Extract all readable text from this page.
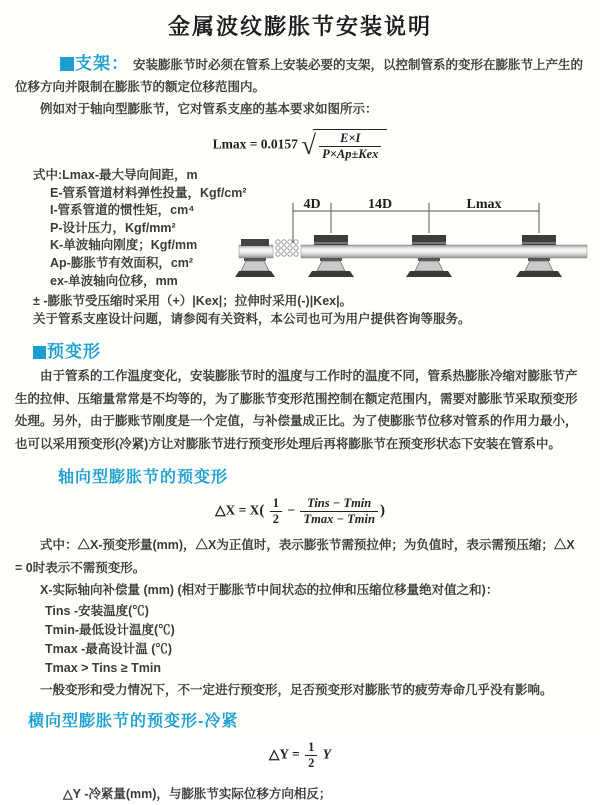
金属波纹膨胀节安装说明

支架： 安装膨胀节时必须在管系上安装必要的支架，以控制管系的变形在膨胀节上产生的位移方向并限制在膨胀节的额定位移范围内。

例如对于轴向型膨胀节，它对管系支座的基本要求如图所示：

Lmax = 0.0157 √ $\frac{E\times I}{\text{P×Ap±Kex}}$
式中:Lmax-最大导向间距，m
E-管系管道材料弹性投量，Kgf/cm²
I-管系管道的惯性矩，cm⁴
P-设计压力，Kgf/mm²
K-单波轴向刚度；Kgf/mm
Ap-膨胀节有效面积，cm²
ex-单波轴向位移，mm
4D	14D	Lmax
± -膨胀节受压缩时采用（+）|Kex|；拉伸时采用(-)|Kex|。
关于管系支座设计问题，请参阅有关资料，本公司也可为用户提供咨询等服务。
预变形

由于管系的工作温度变化，安装膨胀节时的温度与工作时的温度不同，管系热膨胀冷缩对膨胀节产生的拉伸、压缩量常常是不均等的，为了膨胀节变形范围控制在额定范围内，需要对膨胀节采取预变形处理。另外，由于膨账节刚度是一个定值，与补偿量成正比。为了使膨胀节位移对管系的作用力最小，也可以采用预变形(冷紧)方让对膨胀节进行预变形处理后再将膨胀节在预变形状态下安装在管系中。

轴向型膨胀节的预变形
△X = $X( \frac{1}{2} - \frac{\text{Tins − Tmin}}{Tmax - Tmin}$ )

式中：△X-预变形量(mm)，△X为正值时，表示膨张节需预拉伸；为负值时，表示需预压缩；△X = 0时表示不需预变形。

X-实际轴向补偿量 (mm) (相对于膨胀节中间状态的拉伸和压缩位移量绝对值之和)：

Tins -安装温度(℃)
Tmin-最低设计温度(℃)
Tmax -最高设计温 (℃)
Tmax > Tins ≥ Tmin

一般变形和受力情况下，不一定进行预变形，足否预变形对膨胀节的疲劳寿命几乎没有影响。

横向型膨胀节的预变形-冷紧
△Y = $\frac{1}{2}$ Y
△Y -冷紧量(mm)，与膨胀节实际位移方向相反；
